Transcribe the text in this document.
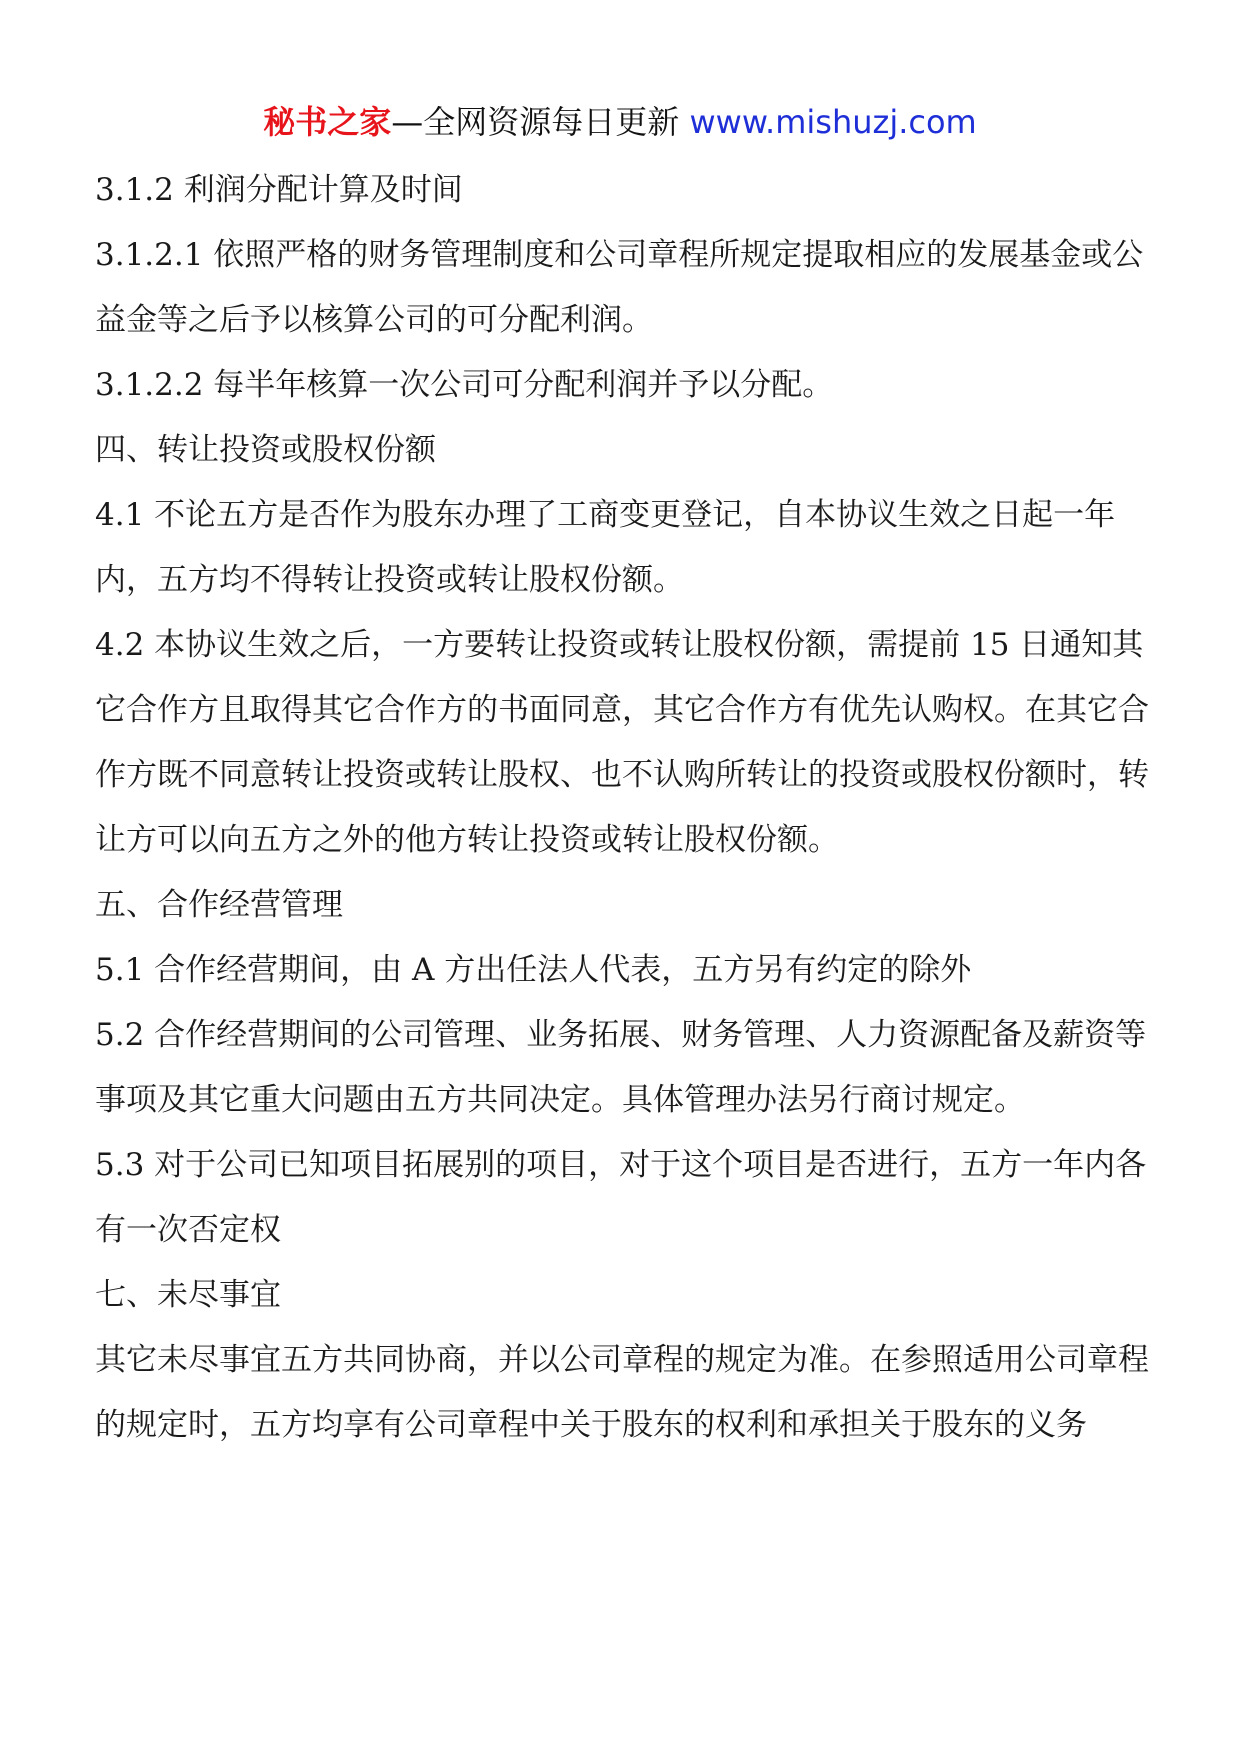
秘书之家—全网资源每日更新 www.mishuzj.com

3.1.2 利润分配计算及时间

3.1.2.1 依照严格的财务管理制度和公司章程所规定提取相应的发展基金或公益金等之后予以核算公司的可分配利润。

3.1.2.2 每半年核算一次公司可分配利润并予以分配。

四、转让投资或股权份额

4.1 不论五方是否作为股东办理了工商变更登记，自本协议生效之日起一年内，五方均不得转让投资或转让股权份额。

4.2 本协议生效之后，一方要转让投资或转让股权份额，需提前 15 日通知其它合作方且取得其它合作方的书面同意，其它合作方有优先认购权。在其它合作方既不同意转让投资或转让股权、也不认购所转让的投资或股权份额时，转让方可以向五方之外的他方转让投资或转让股权份额。

五、合作经营管理

5.1 合作经营期间，由 A 方出任法人代表，五方另有约定的除外

5.2 合作经营期间的公司管理、业务拓展、财务管理、人力资源配备及薪资等事项及其它重大问题由五方共同决定。具体管理办法另行商讨规定。

5.3 对于公司已知项目拓展别的项目，对于这个项目是否进行，五方一年内各有一次否定权

七、未尽事宜

其它未尽事宜五方共同协商，并以公司章程的规定为准。在参照适用公司章程的规定时，五方均享有公司章程中关于股东的权利和承担关于股东的义务
